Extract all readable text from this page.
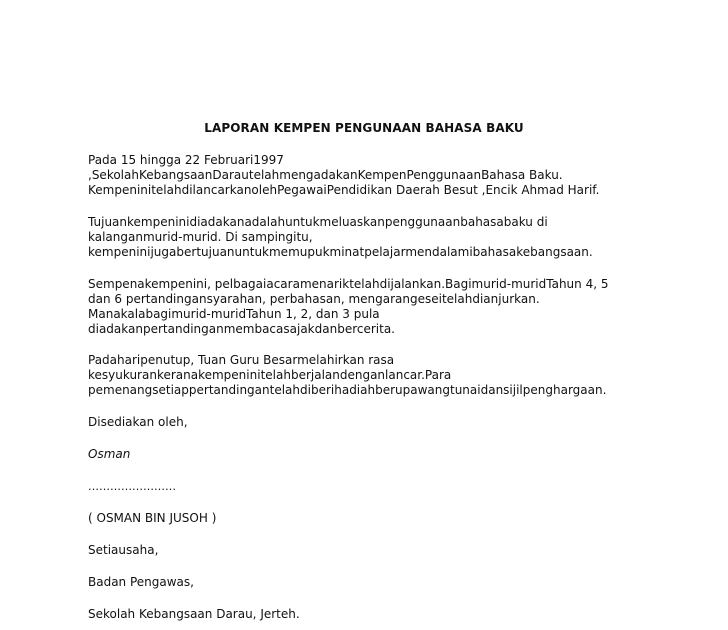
LAPORAN KEMPEN PENGUNAAN BAHASA BAKU
Pada 15 hingga 22 Februari1997
,SekolahKebangsaanDarautelahmengadakanKempenPenggunaanBahasa Baku.
Kempeninitelahdilancarkanoleh​PegawaiPendidikan Daerah Besut ,Encik Ahmad Harif.
Tujuankempeninidiadakanadalahuntukmeluaskanpenggunaanbahasabaku di
kalanganmurid-murid. Di sampingitu,
kempeninijugabertujuanuntukmemupukminatpelajarmendalamibahasakebangsaan.
Sempenakempenini, pelbagaiacaramenariktelahdijalankan.Bagimurid-muridTahun 4, 5
dan 6 pertandingansyarahan, perbahasan, mengarangeseitelahdianjurkan.
Manakalabagimurid-muridTahun 1, 2, dan 3 pula
diadakanpertandinganmembacasajakdanbercerita.
Padaharipenutup, Tuan Guru Besarmelahirkan rasa
kesyukurankeranakempeninitelahberjalandenganlancar.Para
pemenangsetiappertandingantelahdiberihadiahberupawangtunaidansijilpenghargaan.
Disediakan oleh,
Osman
……………………
( OSMAN BIN JUSOH )
Setiausaha,
Badan Pengawas,
Sekolah Kebangsaan Darau, Jerteh.
